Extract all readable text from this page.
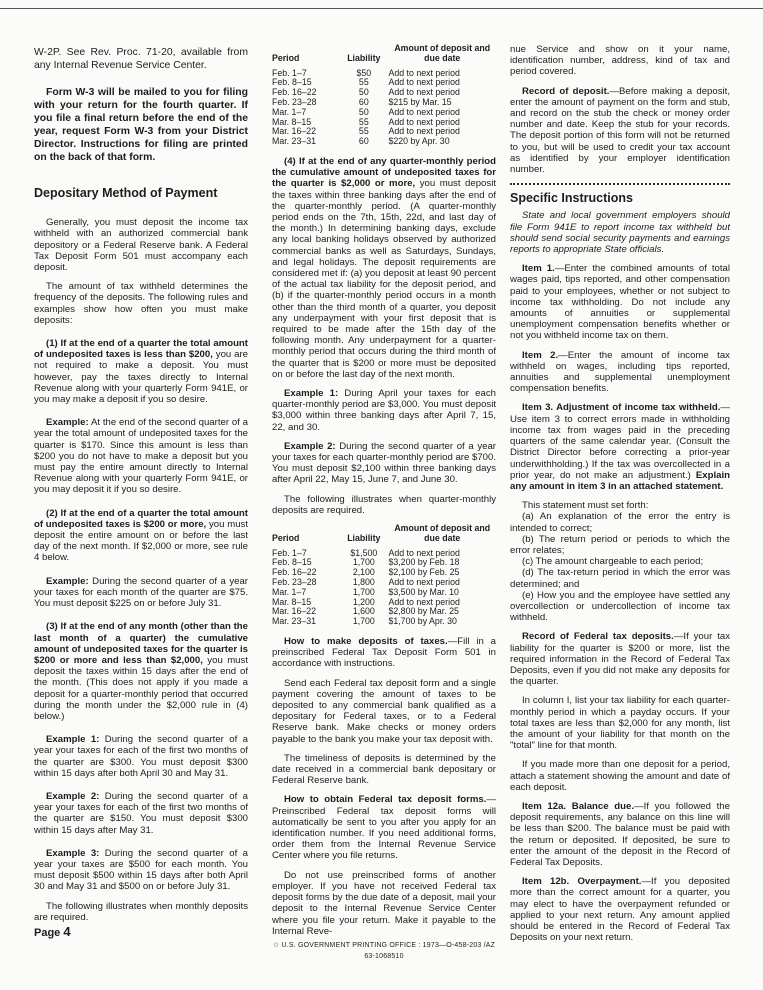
W-2P. See Rev. Proc. 71-20, available from any Internal Revenue Service Center.

Form W-3 will be mailed to you for filing with your return for the fourth quarter. If you file a final return before the end of the year, request Form W-3 from your District Director. Instructions for filing are printed on the back of that form.

Depositary Method of Payment

Generally, you must deposit the income tax withheld with an authorized commercial bank depository or a Federal Reserve bank. A Federal Tax Deposit Form 501 must accompany each deposit.

The amount of tax withheld determines the frequency of the deposits. The following rules and examples show how often you must make deposits:

(1) If at the end of a quarter the total amount of undeposited taxes is less than $200, you are not required to make a deposit. You must however, pay the taxes directly to Internal Revenue along with your quarterly Form 941E, or you may make a deposit if you so desire.

Example: At the end of the second quarter of a year the total amount of undeposited taxes for the quarter is $170. Since this amount is less than $200 you do not have to make a deposit but you must pay the entire amount directly to Internal Revenue along with your quarterly Form 941E, or you may deposit it if you so desire.

(2) If at the end of a quarter the total amount of undeposited taxes is $200 or more, you must deposit the entire amount on or before the last day of the next month. If $2,000 or more, see rule 4 below.

Example: During the second quarter of a year your taxes for each month of the quarter are $75. You must deposit $225 on or before July 31.

(3) If at the end of any month (other than the last month of a quarter) the cumulative amount of undeposited taxes for the quarter is $200 or more and less than $2,000, you must deposit the taxes within 15 days after the end of the month. (This does not apply if you made a deposit for a quarter-monthly period that occurred during the month under the $2,000 rule in (4) below.)

Example 1: During the second quarter of a year your taxes for each of the first two months of the quarter are $300. You must deposit $300 within 15 days after both April 30 and May 31.

Example 2: During the second quarter of a year your taxes for each of the first two months of the quarter are $150. You must deposit $300 within 15 days after May 31.

Example 3: During the second quarter of a year your taxes are $500 for each month. You must deposit $500 within 15 days after both April 30 and May 31 and $500 on or before July 31.

The following illustrates when monthly deposits are required.

Page 4
Period	Liability	Amount of deposit and due date
Feb. 1–7	$50	Add to next period
Feb. 8–15	55	Add to next period
Feb. 16–22	50	Add to next period
Feb. 23–28	60	$215 by Mar. 15
Mar. 1–7	50	Add to next period
Mar. 8–15	55	Add to next period
Mar. 16–22	55	Add to next period
Mar. 23–31	60	$220 by Apr. 30

(4) If at the end of any quarter-monthly period the cumulative amount of undeposited taxes for the quarter is $2,000 or more, you must deposit the taxes within three banking days after the end of the quarter-monthly period. (A quarter-monthly period ends on the 7th, 15th, 22d, and last day of the month.) In determining banking days, exclude any local banking holidays observed by authorized commercial banks as well as Saturdays, Sundays, and legal holidays. The deposit requirements are considered met if: (a) you deposit at least 90 percent of the actual tax liability for the deposit period, and (b) if the quarter-monthly period occurs in a month other than the third month of a quarter, you deposit any underpayment with your first deposit that is required to be made after the 15th day of the following month. Any underpayment for a quarter-monthly period that occurs during the third month of the quarter that is $200 or more must be deposited on or before the last day of the next month.

Example 1: During April your taxes for each quarter-monthly period are $3,000. You must deposit $3,000 within three banking days after April 7, 15, 22, and 30.

Example 2: During the second quarter of a year your taxes for each quarter-monthly period are $700. You must deposit $2,100 within three banking days after April 22, May 15, June 7, and June 30.

The following illustrates when quarter-monthly deposits are required.

Period	Liability	Amount of deposit and due date
Feb. 1–7	$1,500	Add to next period
Feb. 8–15	1,700	$3,200 by Feb. 18
Feb. 16–22	2,100	$2,100 by Feb. 25
Feb. 23–28	1,800	Add to next period
Mar. 1–7	1,700	$3,500 by Mar. 10
Mar. 8–15	1,200	Add to next period
Mar. 16–22	1,600	$2,800 by Mar. 25
Mar. 23–31	1,700	$1,700 by Apr. 30

How to make deposits of taxes.—Fill in a preinscribed Federal Tax Deposit Form 501 in accordance with instructions.

Send each Federal tax deposit form and a single payment covering the amount of taxes to be deposited to any commercial bank qualified as a depositary for Federal taxes, or to a Federal Reserve bank. Make checks or money orders payable to the bank you make your tax deposit with.

The timeliness of deposits is determined by the date received in a commercial bank depositary or Federal Reserve bank.

How to obtain Federal tax deposit forms.—Preinscribed Federal tax deposit forms will automatically be sent to you after you apply for an identification number. If you need additional forms, order them from the Internal Revenue Service Center where you file returns.

Do not use preinscribed forms of another employer. If you have not received Federal tax deposit forms by the due date of a deposit, mail your deposit to the Internal Revenue Service Center where you file your return. Make it payable to the Internal Reve-

☆ U.S. GOVERNMENT PRINTING OFFICE : 1973—O-458-203 /AZ 63-1068510

nue Service and show on it your name, identification number, address, kind of tax and period covered.

Record of deposit.—Before making a deposit, enter the amount of payment on the form and stub, and record on the stub the check or money order number and date. Keep the stub for your records. The deposit portion of this form will not be returned to you, but will be used to credit your tax account as identified by your employer identification number.

Specific Instructions

State and local government employers should file Form 941E to report income tax withheld but should send social security payments and earnings reports to appropriate State officials.

Item 1.—Enter the combined amounts of total wages paid, tips reported, and other compensation paid to your employees, whether or not subject to income tax withholding. Do not include any amounts of annuities or supplemental unemployment compensation benefits whether or not you withheld income tax on them.

Item 2.—Enter the amount of income tax withheld on wages, including tips reported, annuities and supplemental unemployment compensation benefits.

Item 3. Adjustment of income tax withheld.—Use item 3 to correct errors made in withholding income tax from wages paid in the preceding quarters of the same calendar year. (Consult the District Director before correcting a prior-year underwithholding.) If the tax was overcollected in a prior year, do not make an adjustment.) Explain any amount in item 3 in an attached statement.

This statement must set forth:

(a) An explanation of the error the entry is intended to correct;

(b) The return period or periods to which the error relates;

(c) The amount chargeable to each period;

(d) The tax-return period in which the error was determined; and

(e) How you and the employee have settled any overcollection or undercollection of income tax withheld.

Record of Federal tax deposits.—If your tax liability for the quarter is $200 or more, list the required information in the Record of Federal Tax Deposits, even if you did not make any deposits for the quarter.

In column I, list your tax liability for each quarter-monthly period in which a payday occurs. If your total taxes are less than $2,000 for any month, list the amount of your liability for that month on the "total" line for that month.

If you made more than one deposit for a period, attach a statement showing the amount and date of each deposit.

Item 12a. Balance due.—If you followed the deposit requirements, any balance on this line will be less than $200. The balance must be paid with the return or deposited. If deposited, be sure to enter the amount of the deposit in the Record of Federal Tax Deposits.

Item 12b. Overpayment.—If you deposited more than the correct amount for a quarter, you may elect to have the overpayment refunded or applied to your next return. Any amount applied should be entered in the Record of Federal Tax Deposits on your next return.
